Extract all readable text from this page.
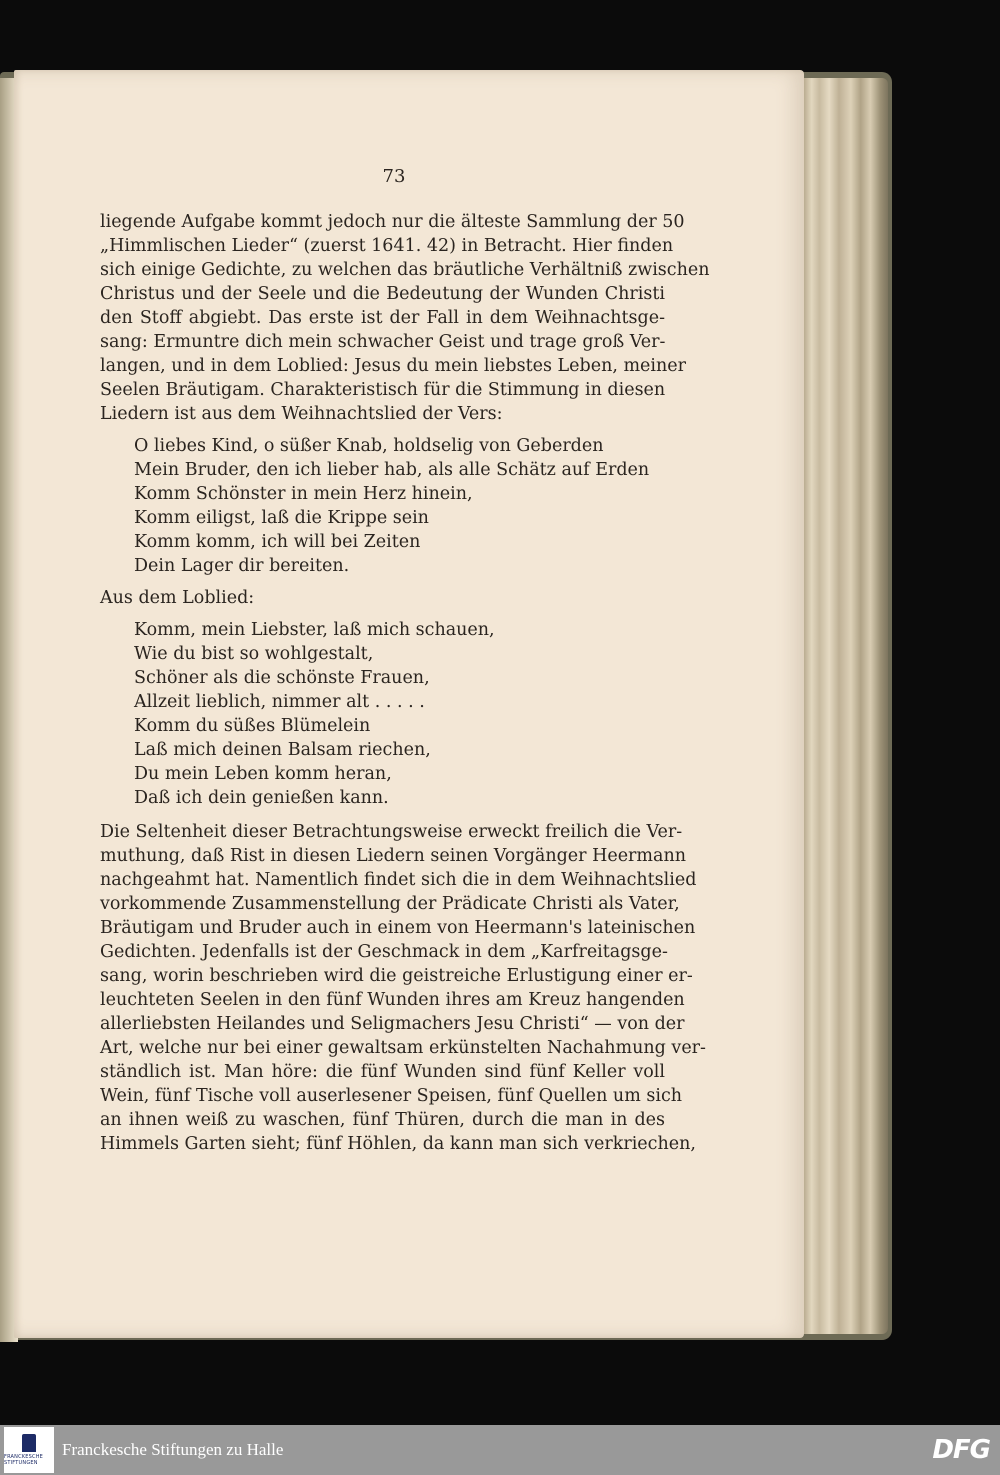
73

liegende Aufgabe kommt jedoch nur die älteste Sammlung der 50
„Himmlischen Lieder“ (zuerst 1641. 42) in Betracht. Hier finden
sich einige Gedichte, zu welchen das bräutliche Verhältniß zwischen
Christus und der Seele und die Bedeutung der Wunden Christi
den Stoff abgiebt. Das erste ist der Fall in dem Weihnachtsge-
sang: Ermuntre dich mein schwacher Geist und trage groß Ver-
langen, und in dem Loblied: Jesus du mein liebstes Leben, meiner
Seelen Bräutigam. Charakteristisch für die Stimmung in diesen
Liedern ist aus dem Weihnachtslied der Vers:

O liebes Kind, o süßer Knab, holdselig von Geberden
Mein Bruder, den ich lieber hab, als alle Schätz auf Erden
Komm Schönster in mein Herz hinein,
Komm eiligst, laß die Krippe sein
Komm komm, ich will bei Zeiten
Dein Lager dir bereiten.
Aus dem Loblied:
Komm, mein Liebster, laß mich schauen,
Wie du bist so wohlgestalt,
Schöner als die schönste Frauen,
Allzeit lieblich, nimmer alt . . . . .
Komm du süßes Blümelein
Laß mich deinen Balsam riechen,
Du mein Leben komm heran,
Daß ich dein genießen kann.

Die Seltenheit dieser Betrachtungsweise erweckt freilich die Ver-
muthung, daß Rist in diesen Liedern seinen Vorgänger Heermann
nachgeahmt hat. Namentlich findet sich die in dem Weihnachtslied
vorkommende Zusammenstellung der Prädicate Christi als Vater,
Bräutigam und Bruder auch in einem von Heermann's lateinischen
Gedichten. Jedenfalls ist der Geschmack in dem „Karfreitagsge-
sang, worin beschrieben wird die geistreiche Erlustigung einer er-
leuchteten Seelen in den fünf Wunden ihres am Kreuz hangenden
allerliebsten Heilandes und Seligmachers Jesu Christi“ — von der
Art, welche nur bei einer gewaltsam erkünstelten Nachahmung ver-
ständlich ist. Man höre: die fünf Wunden sind fünf Keller voll
Wein, fünf Tische voll auserlesener Speisen, fünf Quellen um sich
an ihnen weiß zu waschen, fünf Thüren, durch die man in des
Himmels Garten sieht; fünf Höhlen, da kann man sich verkriechen,

FRANCKESCHE STIFTUNGEN
Franckesche Stiftungen zu Halle	DFG
